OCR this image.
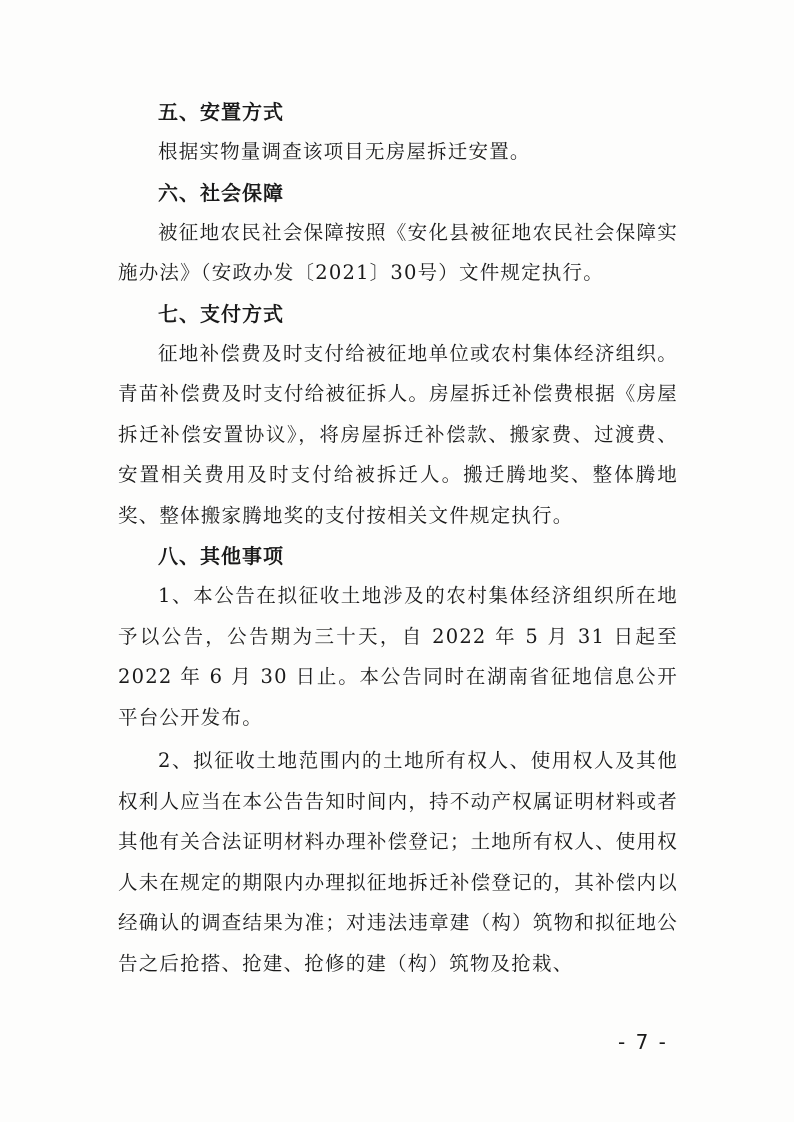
五、安置方式

根据实物量调查该项目无房屋拆迁安置。

六、社会保障

被征地农民社会保障按照《安化县被征地农民社会保障实施办法》（安政办发〔2021〕30号）文件规定执行。

七、支付方式

征地补偿费及时支付给被征地单位或农村集体经济组织。青苗补偿费及时支付给被征拆人。房屋拆迁补偿费根据《房屋拆迁补偿安置协议》，将房屋拆迁补偿款、搬家费、过渡费、安置相关费用及时支付给被拆迁人。搬迁腾地奖、整体腾地奖、整体搬家腾地奖的支付按相关文件规定执行。

八、其他事项

1、本公告在拟征收土地涉及的农村集体经济组织所在地予以公告，公告期为三十天，自 2022 年 5 月 31 日起至 2022 年 6 月 30 日止。本公告同时在湖南省征地信息公开平台公开发布。

2、拟征收土地范围内的土地所有权人、使用权人及其他权利人应当在本公告告知时间内，持不动产权属证明材料或者其他有关合法证明材料办理补偿登记；土地所有权人、使用权人未在规定的期限内办理拟征地拆迁补偿登记的，其补偿内以经确认的调查结果为准；对违法违章建（构）筑物和拟征地公告之后抢搭、抢建、抢修的建（构）筑物及抢栽、

- 7 -
